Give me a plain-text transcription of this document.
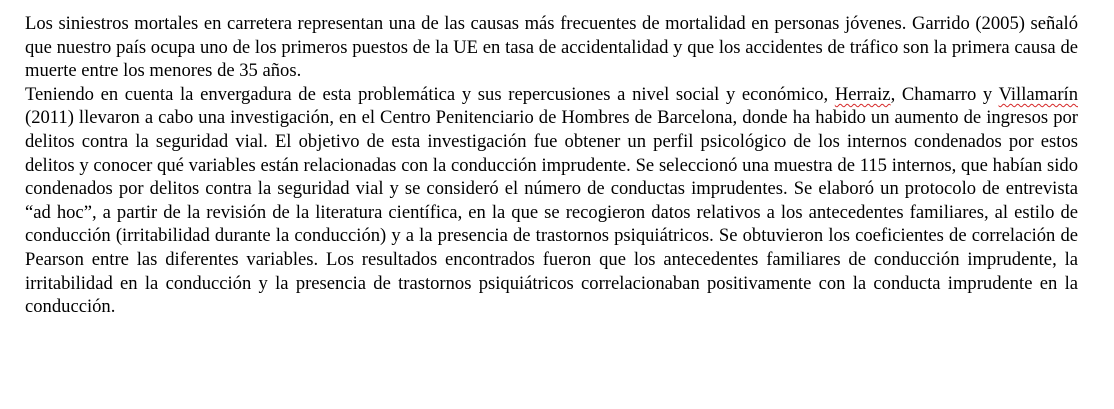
Los siniestros mortales en carretera representan una de las causas más frecuentes de mortalidad en personas jóvenes. Garrido (2005) señaló que nuestro país ocupa uno de los primeros puestos de la UE en tasa de accidentalidad y que los accidentes de tráfico son la primera causa de muerte entre los menores de 35 años.

Teniendo en cuenta la envergadura de esta problemática y sus repercusiones a nivel social y económico, Herraiz, Chamarro y Villamarín (2011) llevaron a cabo una investigación, en el Centro Penitenciario de Hombres de Barcelona, donde ha habido un aumento de ingresos por delitos contra la seguridad vial. El objetivo de esta investigación fue obtener un perfil psicológico de los internos condenados por estos delitos y conocer qué variables están relacionadas con la conducción imprudente. Se seleccionó una muestra de 115 internos, que habían sido condenados por delitos contra la seguridad vial y se consideró el número de conductas imprudentes. Se elaboró un protocolo de entrevista “ad hoc”, a partir de la revisión de la literatura científica, en la que se recogieron datos relativos a los antecedentes familiares, al estilo de conducción (irritabilidad durante la conducción) y a la presencia de trastornos psiquiátricos. Se obtuvieron los coeficientes de correlación de Pearson entre las diferentes variables. Los resultados encontrados fueron que los antecedentes familiares de conducción imprudente, la irritabilidad en la conducción y la presencia de trastornos psiquiátricos correlacionaban positivamente con la conducta imprudente en la conducción.
